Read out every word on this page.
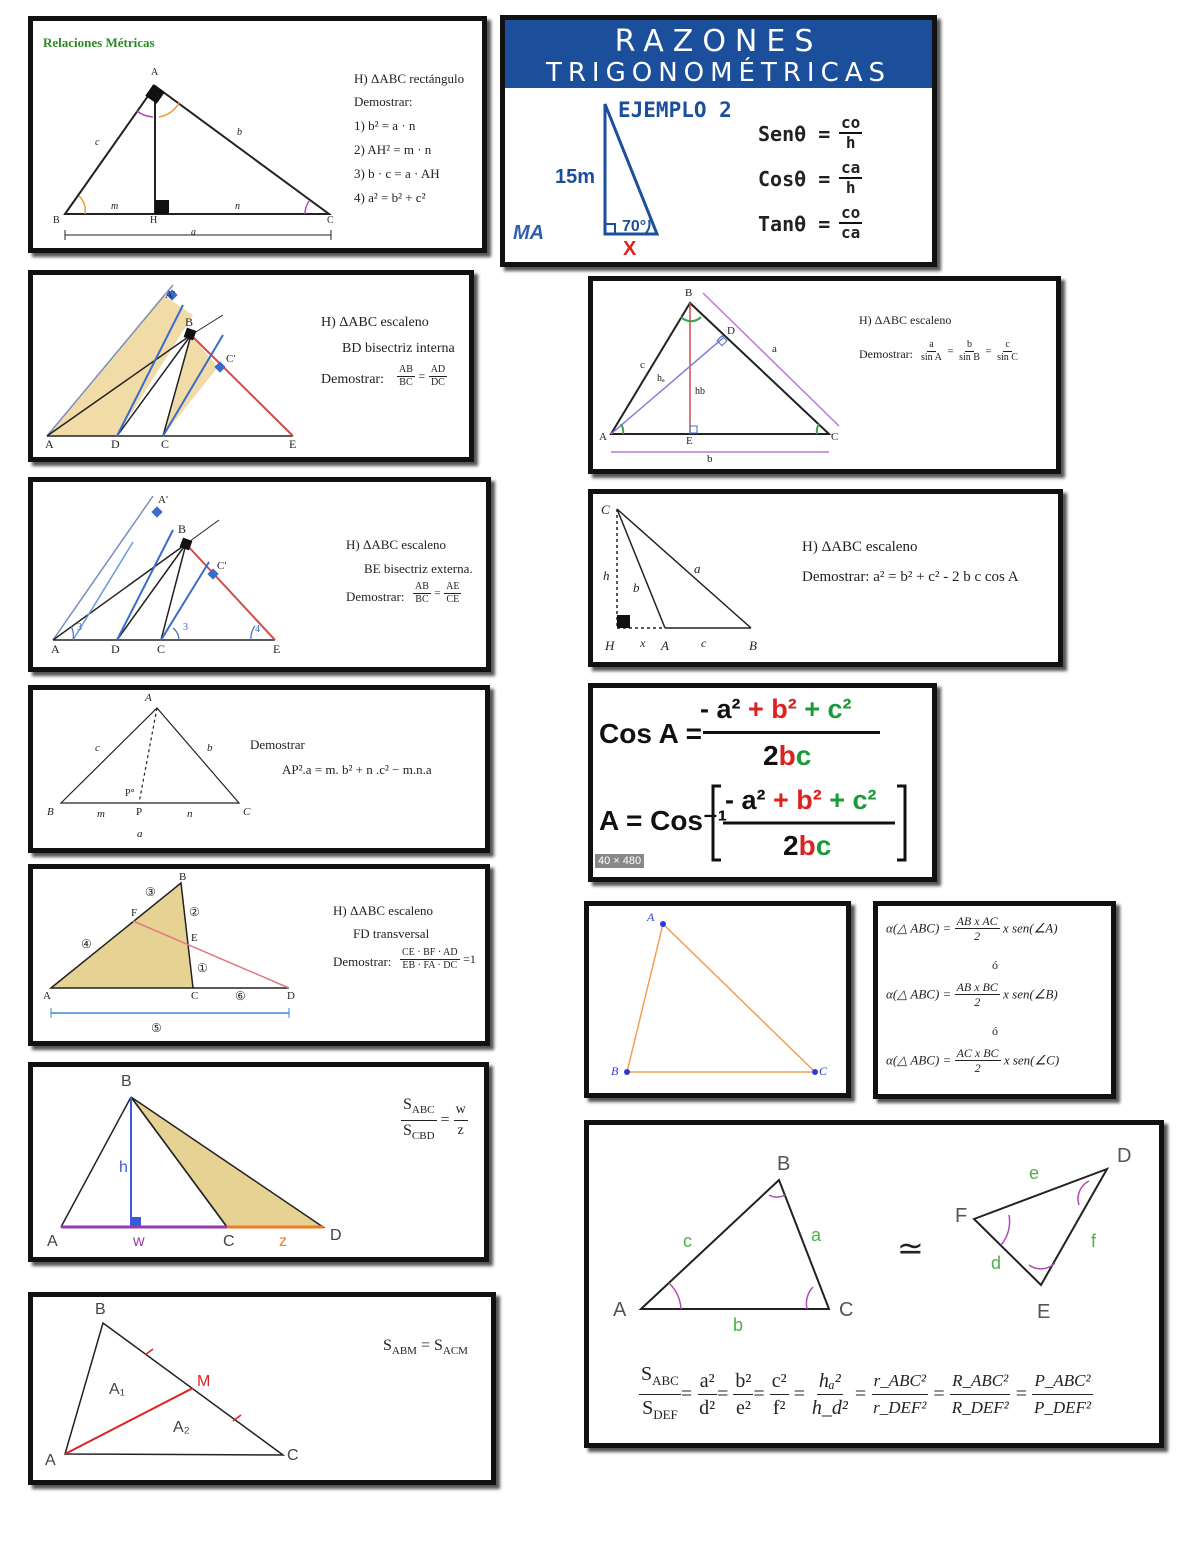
Relaciones Métricas
A
B	H	C
c
b
m	n
a
H) ΔABC rectángulo
Demostrar:
1) b² = a · n
2) AH² = m · n
3) b · c = a · AH
4) a² = b² + c²
RAZONES
TRIGONOMÉTRICAS
EJEMPLO 2
15m
70°
X
MA
$Sen\theta = \frac{co}{h}$
$Cos\theta = \frac{ca}{h}$
$Tan\theta = \frac{co}{ca}$
A	D	C	E
B
A'
C'
H) ΔABC escaleno
BD bisectriz interna
Demostrar: $\frac{AB}{BC} = \frac{AD}{DC}$
A
B
C
D
E
a
b
c
hₐ
hb
H) ΔABC escaleno
Demostrar: $\frac{a}{\text{sin A}} = \frac{b}{\text{sin B}} = \frac{c}{\text{sin C}}$
A	D	C	E
B
A'
C'
3	3	4
H) ΔABC escaleno
BE bisectriz externa.
Demostrar: $\frac{AB}{BC} = \frac{AE}{CE}$
C
H x A	c	B
a
b
h
H) ΔABC escaleno
Demostrar: a² = b² + c² - 2 b c cos A
A
B	C
P
P°
c	b
m	n
a
Demostrar
AP².a = m. b² + n .c² − m.n.a
Cos A =
- a² + b² + c²
2bc
A = Cos⁻¹
- a² + b² + c²
2bc
40 × 480
A
B
C	D
E
F
①
②
③
④
⑥
⑤
H) ΔABC escaleno
FD transversal
Demostrar: $\frac{CE \cdot BF \cdot AD}{EB \cdot FA \cdot DC} =1$
A
B	C
α(△ $ABC) = \frac{\text{AB x AC}}{2}$ x sen(∠A)
ó
α(△ $ABC) = \frac{\text{AB x BC}}{2}$ x sen(∠B)
ó
α(△ $ABC) = \frac{\text{AC x BC}}{2}$ x sen(∠C)
B
A	C	D
h
w	z
$\frac{S_{ABC}}{S_{CBD}} = \frac{w}{z}$
B
A	C
a
b
c	≃
D
F
E
e
f
d
$\frac{S_{ABC}}{S_{DEF}} = \frac{\text{a²}}{\text{d²}} = \frac{\text{b²}}{\text{e²}} = \frac{\text{c²}}{\text{f²}} = \frac{\text{hₐ²}}{\text{h\_d²}} = \frac{\text{r\_ABC²}}{\text{r\_DEF²}} = \frac{\text{R\_ABC²}}{\text{R\_DEF²}} = \frac{\text{P\_ABC²}}{\text{P\_DEF²}}$
B
A	C
M
A₁
A₂
$S_{ABM} = S_{ACM}$
